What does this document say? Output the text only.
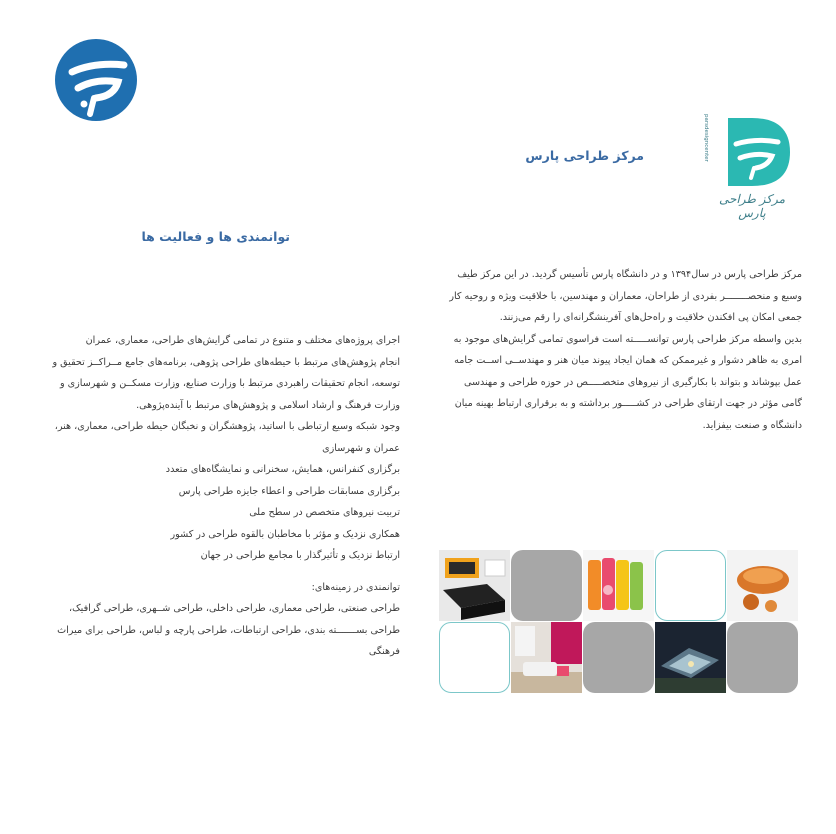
parsdesigncenter
مرکز طراحی پارس
مرکز طراحی پارس
توانمندی ها و فعالیت ها
مرکز طراحی پارس در سال۱۳۹۴ و در دانشگاه پارس تأسیس گردید. در این مرکز طیف
وسیع و منحصــــــــر بفردی از طراحان، معماران و مهندسین، با خلاقیت ویژه و روحیه کار
جمعی امکان پی افکندن خلاقیت و راه‌حل‌های آفرینشگرانه‌ای را رقم می‌زنند.
بدین واسطه مرکز طراحی پارس توانســـــته است فراسوی تمامی گرایش‌های موجود به
امری به ظاهر دشوار و غیرممکن که همان ایجاد پیوند میان هنر و مهندســی اســت جامه
عمل بپوشاند و بتواند با بکارگیری از نیروهای متخصـــــص در حوزه طراحی و مهندسی
گامی مؤثر در جهت ارتقای طراحی در کشـــــور برداشته و به برقراری ارتباط بهینه میان
دانشگاه و صنعت بیفزاید.
اجرای پروژه‌های مختلف و متنوع در تمامی گرایش‌های طراحی، معماری، عمران
انجام پژوهش‌های مرتبط با حیطه‌های طراحی پژوهی، برنامه‌های جامع مــراکــز تحقیق و
توسعه، انجام تحقیقات راهبردی مرتبط با وزارت صنایع، وزارت مسکــن و شهرسازی و
وزارت فرهنگ و ارشاد اسلامی و پژوهش‌های مرتبط با آینده‌پژوهی.
وجود شبکه وسیع ارتباطی با اساتید، پژوهشگران و نخبگان حیطه طراحی، معماری، هنر،
عمران و شهرسازی
برگزاری کنفرانس، همایش، سخنرانی و نمایشگاه‌های متعدد
برگزاری مسابقات طراحی و اعطاء جایزه طراحی پارس
تربیت نیروهای متخصص در سطح ملی
همکاری نزدیک و مؤثر با مخاطبان بالقوه طراحی در کشور
ارتباط نزدیک و تأثیرگذار با مجامع طراحی در جهان
توانمندی در زمینه‌های:
طراحی صنعتی، طراحی معماری، طراحی داخلی، طراحی شــهری، طراحی گرافیک،
طراحی بســـــــته بندی، طراحی ارتباطات، طراحی پارچه و لباس، طراحی برای میراث
فرهنگی
